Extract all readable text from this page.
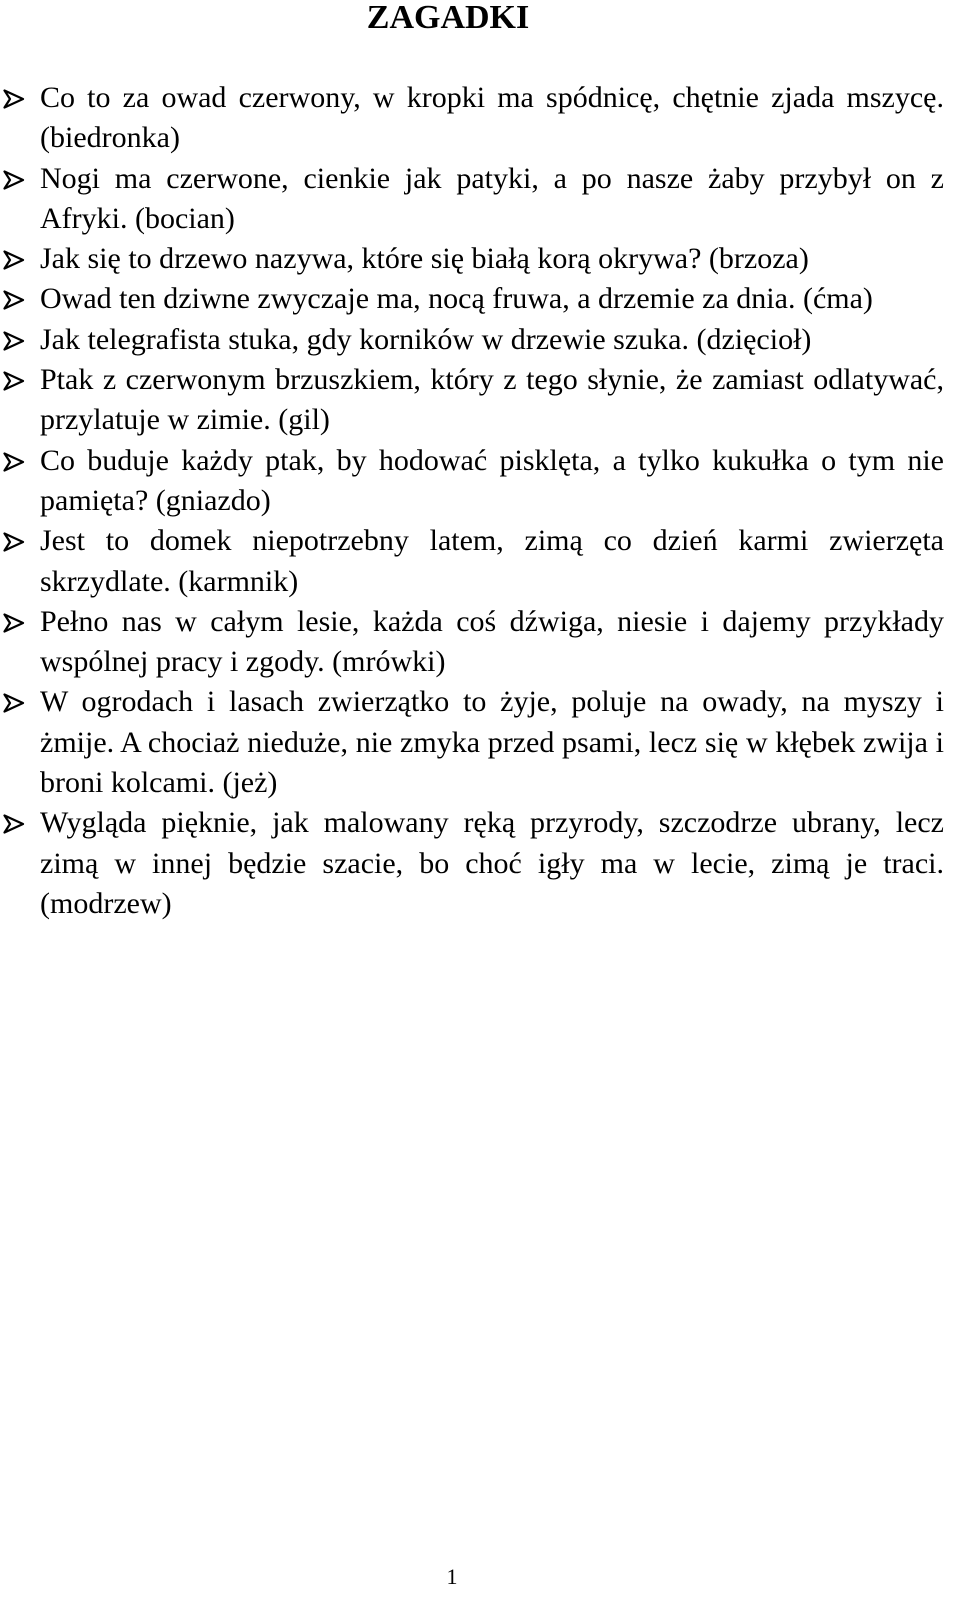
ZAGADKI
Co to za owad czerwony, w kropki ma spódnicę, chętnie zjada mszycę. (biedronka)
Nogi ma czerwone, cienkie jak patyki, a po nasze żaby przybył on z Afryki. (bocian)
Jak się to drzewo nazywa, które się białą korą okrywa? (brzoza)
Owad ten dziwne zwyczaje ma, nocą fruwa, a drzemie za dnia. (ćma)
Jak telegrafista stuka, gdy korników w drzewie szuka. (dzięcioł)
Ptak z czerwonym brzuszkiem, który z tego słynie, że zamiast odlatywać, przylatuje w zimie. (gil)
Co buduje każdy ptak, by hodować pisklęta, a tylko kukułka o tym nie pamięta? (gniazdo)
Jest to domek niepotrzebny latem, zimą co dzień karmi zwierzęta skrzydlate. (karmnik)
Pełno nas w całym lesie, każda coś dźwiga, niesie i dajemy przykłady wspólnej pracy i zgody. (mrówki)
W ogrodach i lasach zwierzątko to żyje, poluje na owady, na myszy i żmije. A chociaż nieduże, nie zmyka przed psami, lecz się w kłębek zwija i broni kolcami. (jeż)
Wygląda pięknie, jak malowany ręką przyrody, szczodrze ubrany, lecz zimą w innej będzie szacie, bo choć igły ma w lecie, zimą je traci. (modrzew)
1
